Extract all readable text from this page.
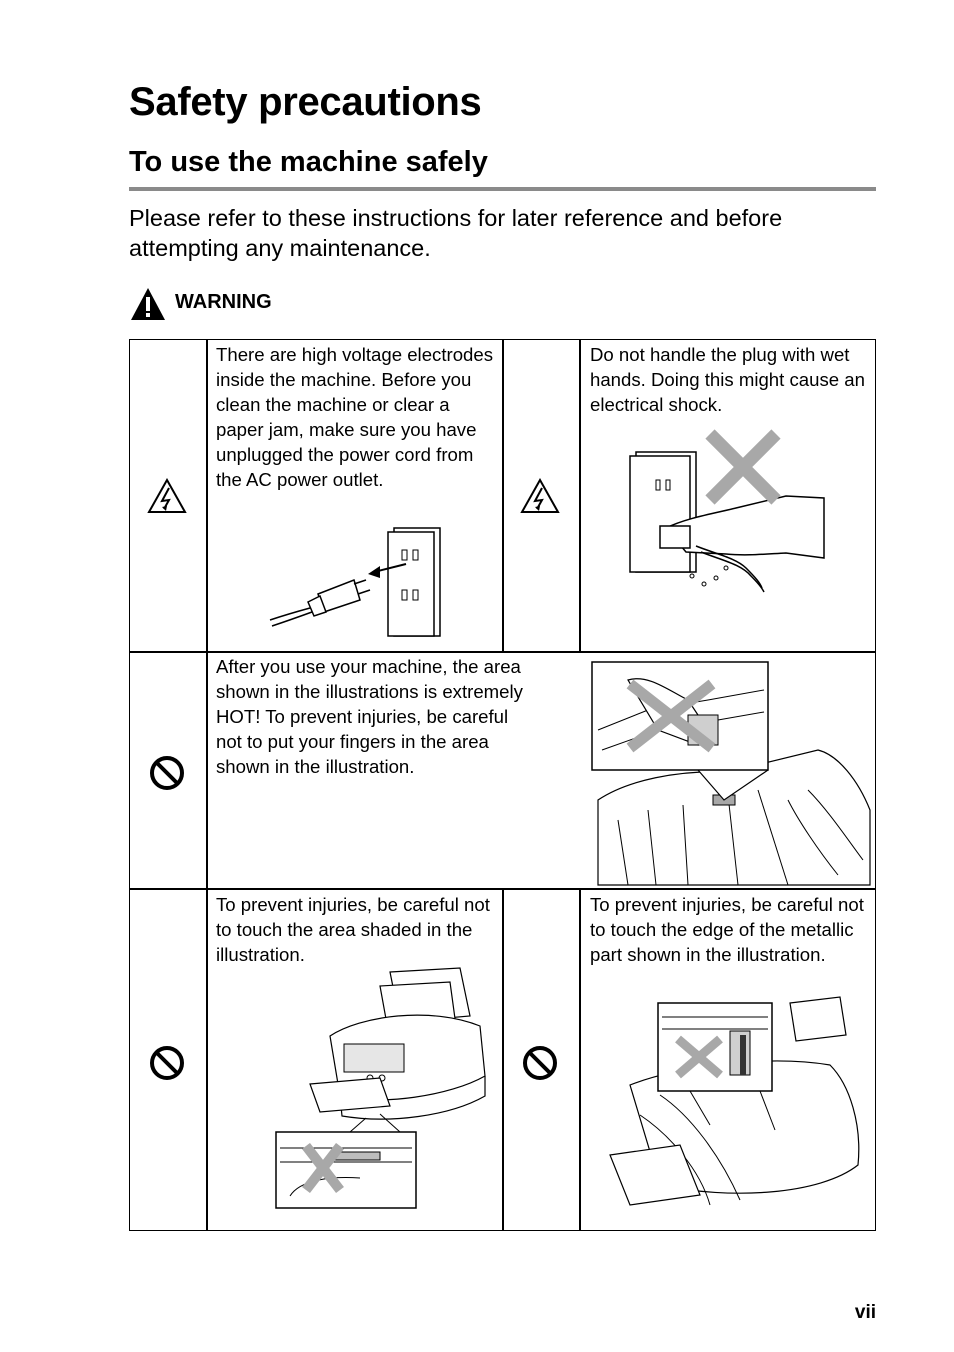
Safety precautions
To use the machine safely

Please refer to these instructions for later reference and before attempting any maintenance.

WARNING

There are high voltage electrodes inside the machine. Before you clean the machine or clear a paper jam, make sure you have unplugged the power cord from the AC power outlet.

Do not handle the plug with wet hands. Doing this might cause an electrical shock.

After you use your machine, the area shown in the illustrations is extremely HOT! To prevent injuries, be careful not to put your fingers in the area shown in the illustration.

To prevent injuries, be careful not to touch the area shaded in the illustration.

To prevent injuries, be careful not to touch the edge of the metallic part shown in the illustration.

vii
